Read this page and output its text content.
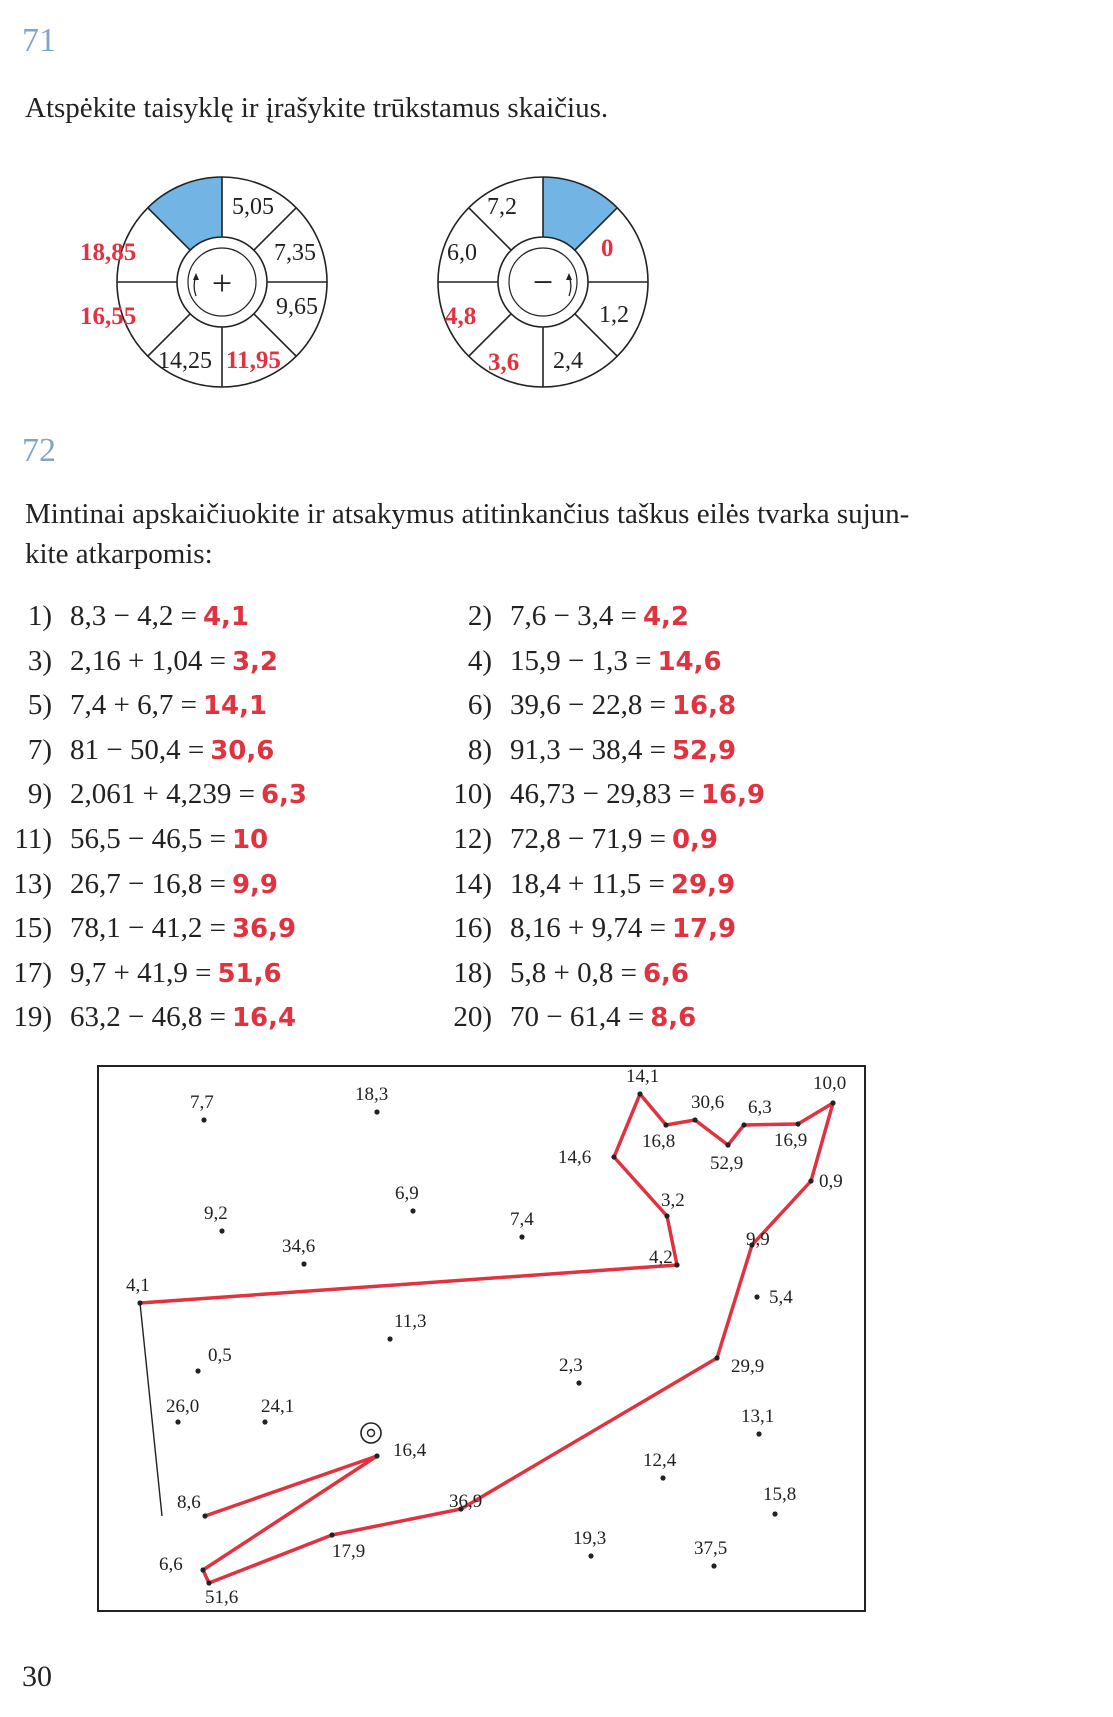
71
Atspėkite taisyklę ir įrašykite trūkstamus skaičius.
+
5,05
7,35
9,65
14,25
18,85
16,55
11,95
−
7,2
6,0
1,2
2,4
0
4,8
3,6
72
Mintinai apskaičiuokite ir atsakymus atitinkančius taškus eilės tvarka sujun-
kite atkarpomis:
1) 8,3 − 4,2 = 4,1	2) 7,6 − 3,4 = 4,2
3) 2,16 + 1,04 = 3,2	4) 15,9 − 1,3 = 14,6
5) 7,4 + 6,7 = 14,1	6) 39,6 − 22,8 = 16,8
7) 81 − 50,4 = 30,6	8) 91,3 − 38,4 = 52,9
9) 2,061 + 4,239 = 6,3	10) 46,73 − 29,83 = 16,9
11) 56,5 − 46,5 = 10	12) 72,8 − 71,9 = 0,9
13) 26,7 − 16,8 = 9,9	14) 18,4 + 11,5 = 29,9
15) 78,1 − 41,2 = 36,9	16) 8,16 + 9,74 = 17,9
17) 9,7 + 41,9 = 51,6	18) 5,8 + 0,8 = 6,6
19) 63,2 − 46,8 = 16,4	20) 70 − 61,4 = 8,6
7,7	18,3
14,1
30,6 6,3
10,0
16,8	16,9
14,6	52,9
0,9
6,9	3,2
9,2	7,4
9,9
34,6
4,2
4,1
5,4
11,3
0,5	2,3	29,9
26,0	24,1	13,1
16,4	12,4
8,6	15,8
36,9
17,9
19,3	37,5
6,6
51,6
30
